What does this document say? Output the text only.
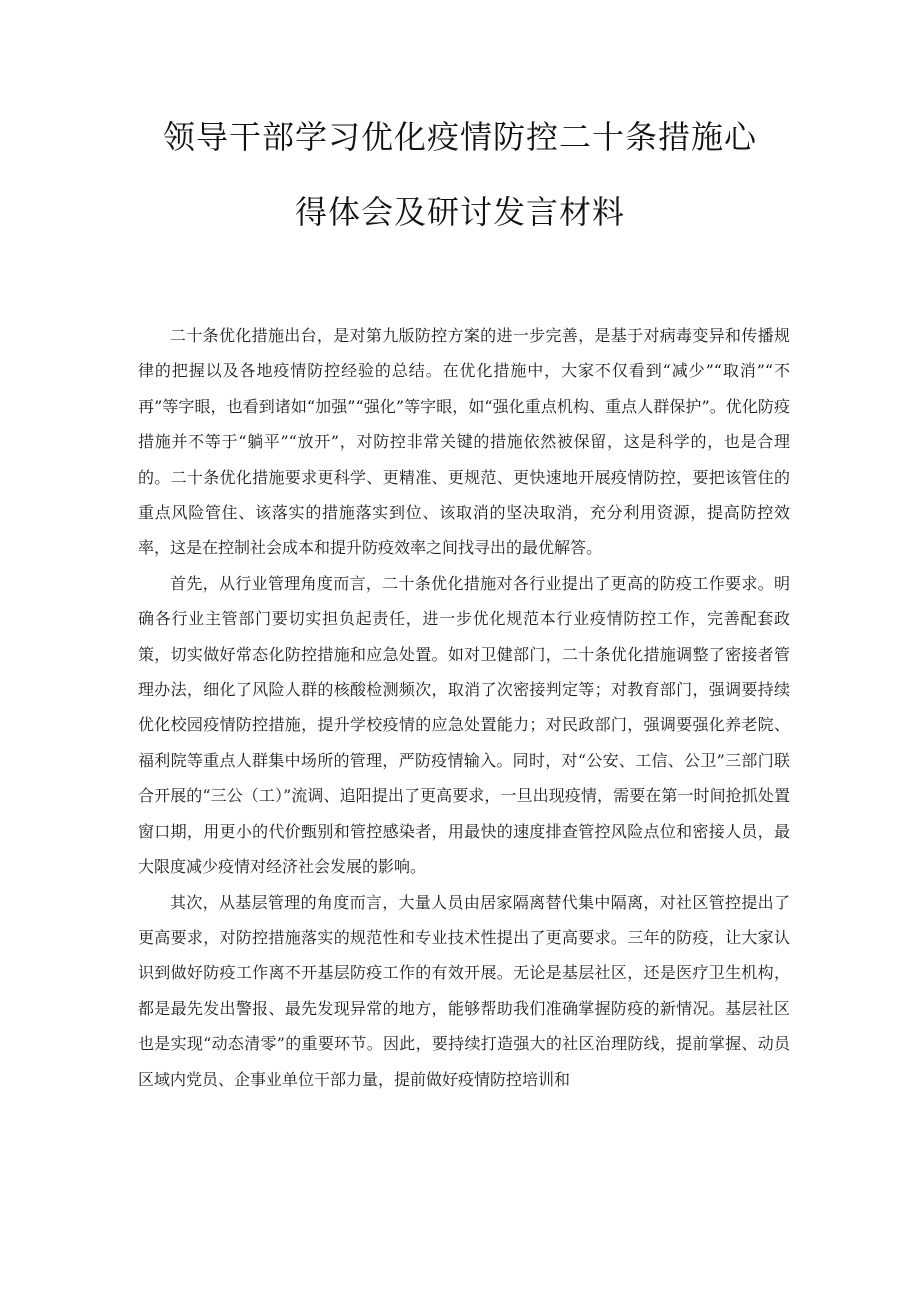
领导干部学习优化疫情防控二十条措施心
得体会及研讨发言材料

二十条优化措施出台，是对第九版防控方案的进一步完善，是基于对病毒变异和传播规律的把握以及各地疫情防控经验的总结。在优化措施中，大家不仅看到“减少”“取消”“不再”等字眼，也看到诸如“加强”“强化”等字眼，如“强化重点机构、重点人群保护”。优化防疫措施并不等于“躺平”“放开”，对防控非常关键的措施依然被保留，这是科学的，也是合理的。二十条优化措施要求更科学、更精准、更规范、更快速地开展疫情防控，要把该管住的重点风险管住、该落实的措施落实到位、该取消的坚决取消，充分利用资源，提高防控效率，这是在控制社会成本和提升防疫效率之间找寻出的最优解答。

首先，从行业管理角度而言，二十条优化措施对各行业提出了更高的防疫工作要求。明确各行业主管部门要切实担负起责任，进一步优化规范本行业疫情防控工作，完善配套政策，切实做好常态化防控措施和应急处置。如对卫健部门，二十条优化措施调整了密接者管理办法，细化了风险人群的核酸检测频次，取消了次密接判定等；对教育部门，强调要持续优化校园疫情防控措施，提升学校疫情的应急处置能力；对民政部门，强调要强化养老院、福利院等重点人群集中场所的管理，严防疫情输入。同时，对“公安、工信、公卫”三部门联合开展的“三公（工）”流调、追阳提出了更高要求，一旦出现疫情，需要在第一时间抢抓处置窗口期，用更小的代价甄别和管控感染者，用最快的速度排查管控风险点位和密接人员，最大限度减少疫情对经济社会发展的影响。

其次，从基层管理的角度而言，大量人员由居家隔离替代集中隔离，对社区管控提出了更高要求，对防控措施落实的规范性和专业技术性提出了更高要求。三年的防疫，让大家认识到做好防疫工作离不开基层防疫工作的有效开展。无论是基层社区，还是医疗卫生机构，都是最先发出警报、最先发现异常的地方，能够帮助我们准确掌握防疫的新情况。基层社区也是实现“动态清零”的重要环节。因此，要持续打造强大的社区治理防线，提前掌握、动员区域内党员、企事业单位干部力量，提前做好疫情防控培训和
